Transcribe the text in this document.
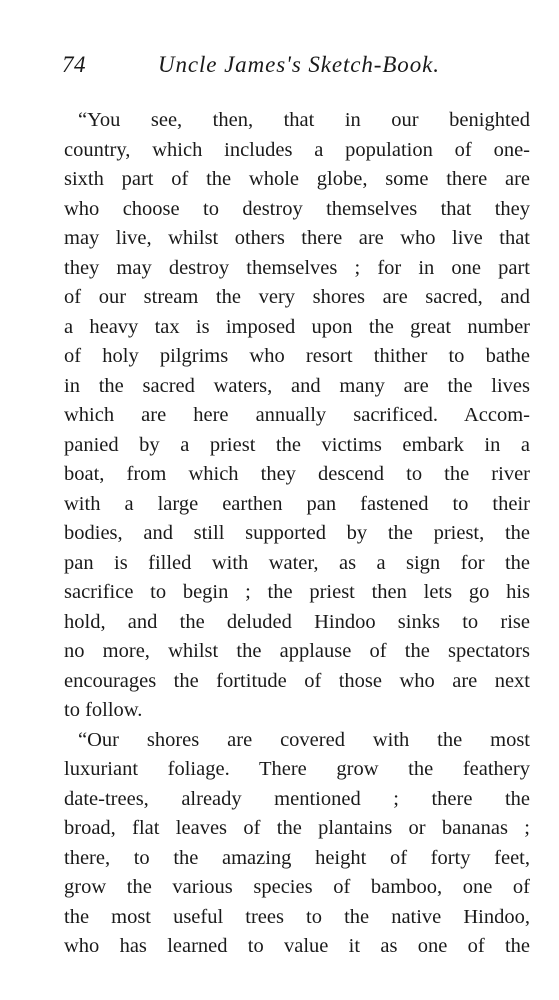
74	Uncle James's Sketch-Book.
“You see, then, that in our benighted
country, which includes a population of one-
sixth part of the whole globe, some there are
who choose to destroy themselves that they
may live, whilst others there are who live that
they may destroy themselves ; for in one part
of our stream the very shores are sacred, and
a heavy tax is imposed upon the great number
of holy pilgrims who resort thither to bathe
in the sacred waters, and many are the lives
which are here annually sacrificed. Accom-
panied by a priest the victims embark in a
boat, from which they descend to the river
with a large earthen pan fastened to their
bodies, and still supported by the priest, the
pan is filled with water, as a sign for the
sacrifice to begin ; the priest then lets go his
hold, and the deluded Hindoo sinks to rise
no more, whilst the applause of the spectators
encourages the fortitude of those who are next
to follow.
“Our shores are covered with the most
luxuriant foliage. There grow the feathery
date-trees, already mentioned ; there the
broad, flat leaves of the plantains or bananas ;
there, to the amazing height of forty feet,
grow the various species of bamboo, one of
the most useful trees to the native Hindoo,
who has learned to value it as one of the
